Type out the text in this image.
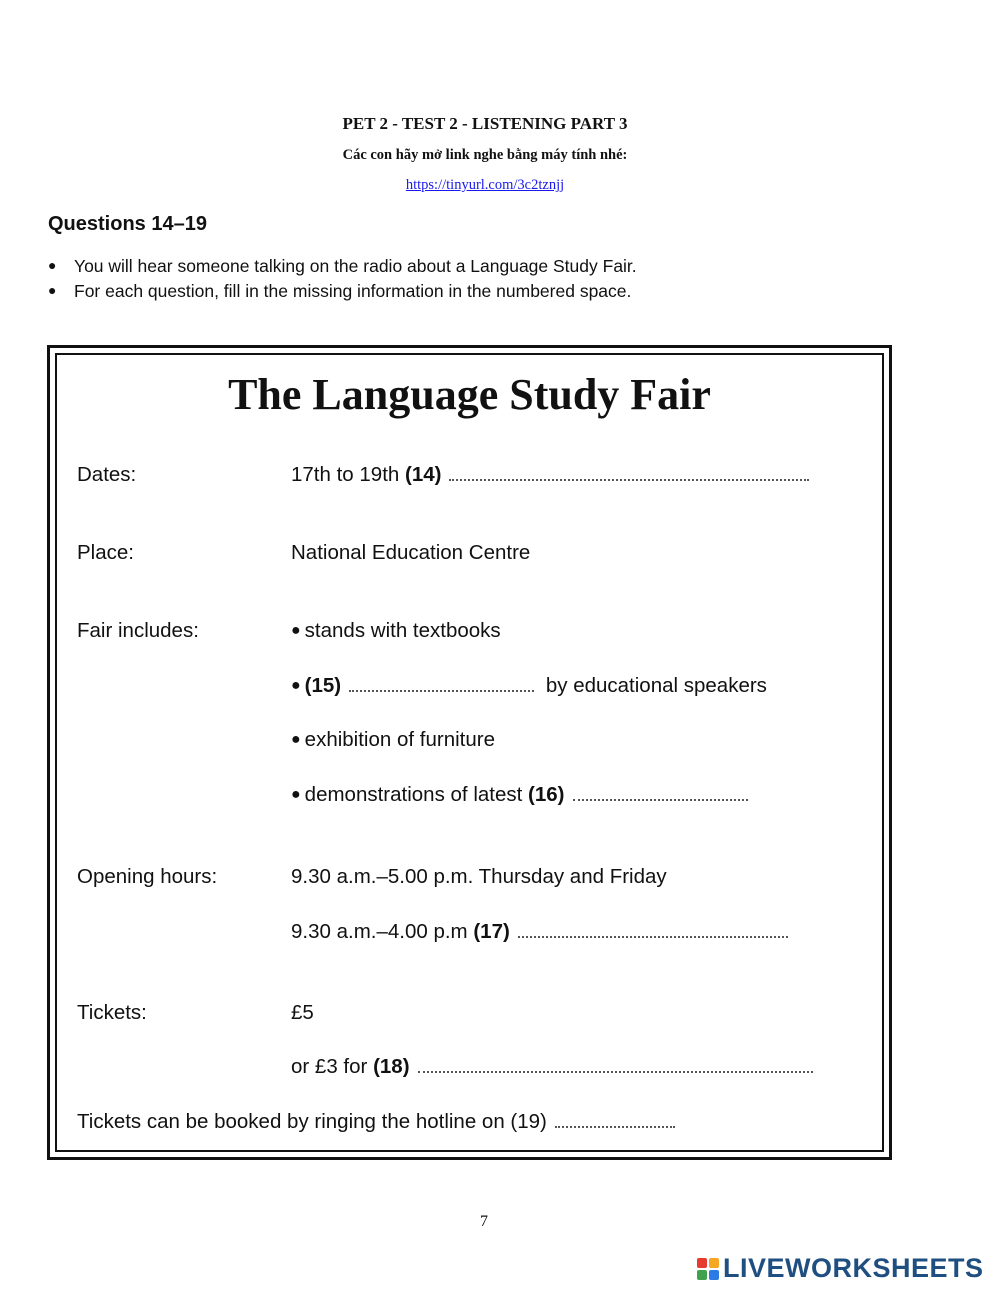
PET 2 - TEST 2 - LISTENING PART 3
Các con hãy mở link nghe bằng máy tính nhé:
https://tinyurl.com/3c2tznjj
Questions 14–19
● You will hear someone talking on the radio about a Language Study Fair.
● For each question, fill in the missing information in the numbered space.
The Language Study Fair
Dates:	17th to 19th (14)
Place:	National Education Centre
Fair includes:	● stands with textbooks
● (15)	by educational speakers
● exhibition of furniture
● demonstrations of latest (16)
Opening hours:	9.30 a.m.–5.00 p.m. Thursday and Friday
9.30 a.m.–4.00 p.m (17)
Tickets:	£5
or £3 for (18)
Tickets can be booked by ringing the hotline on (19)
7
LIVEWORKSHEETS
